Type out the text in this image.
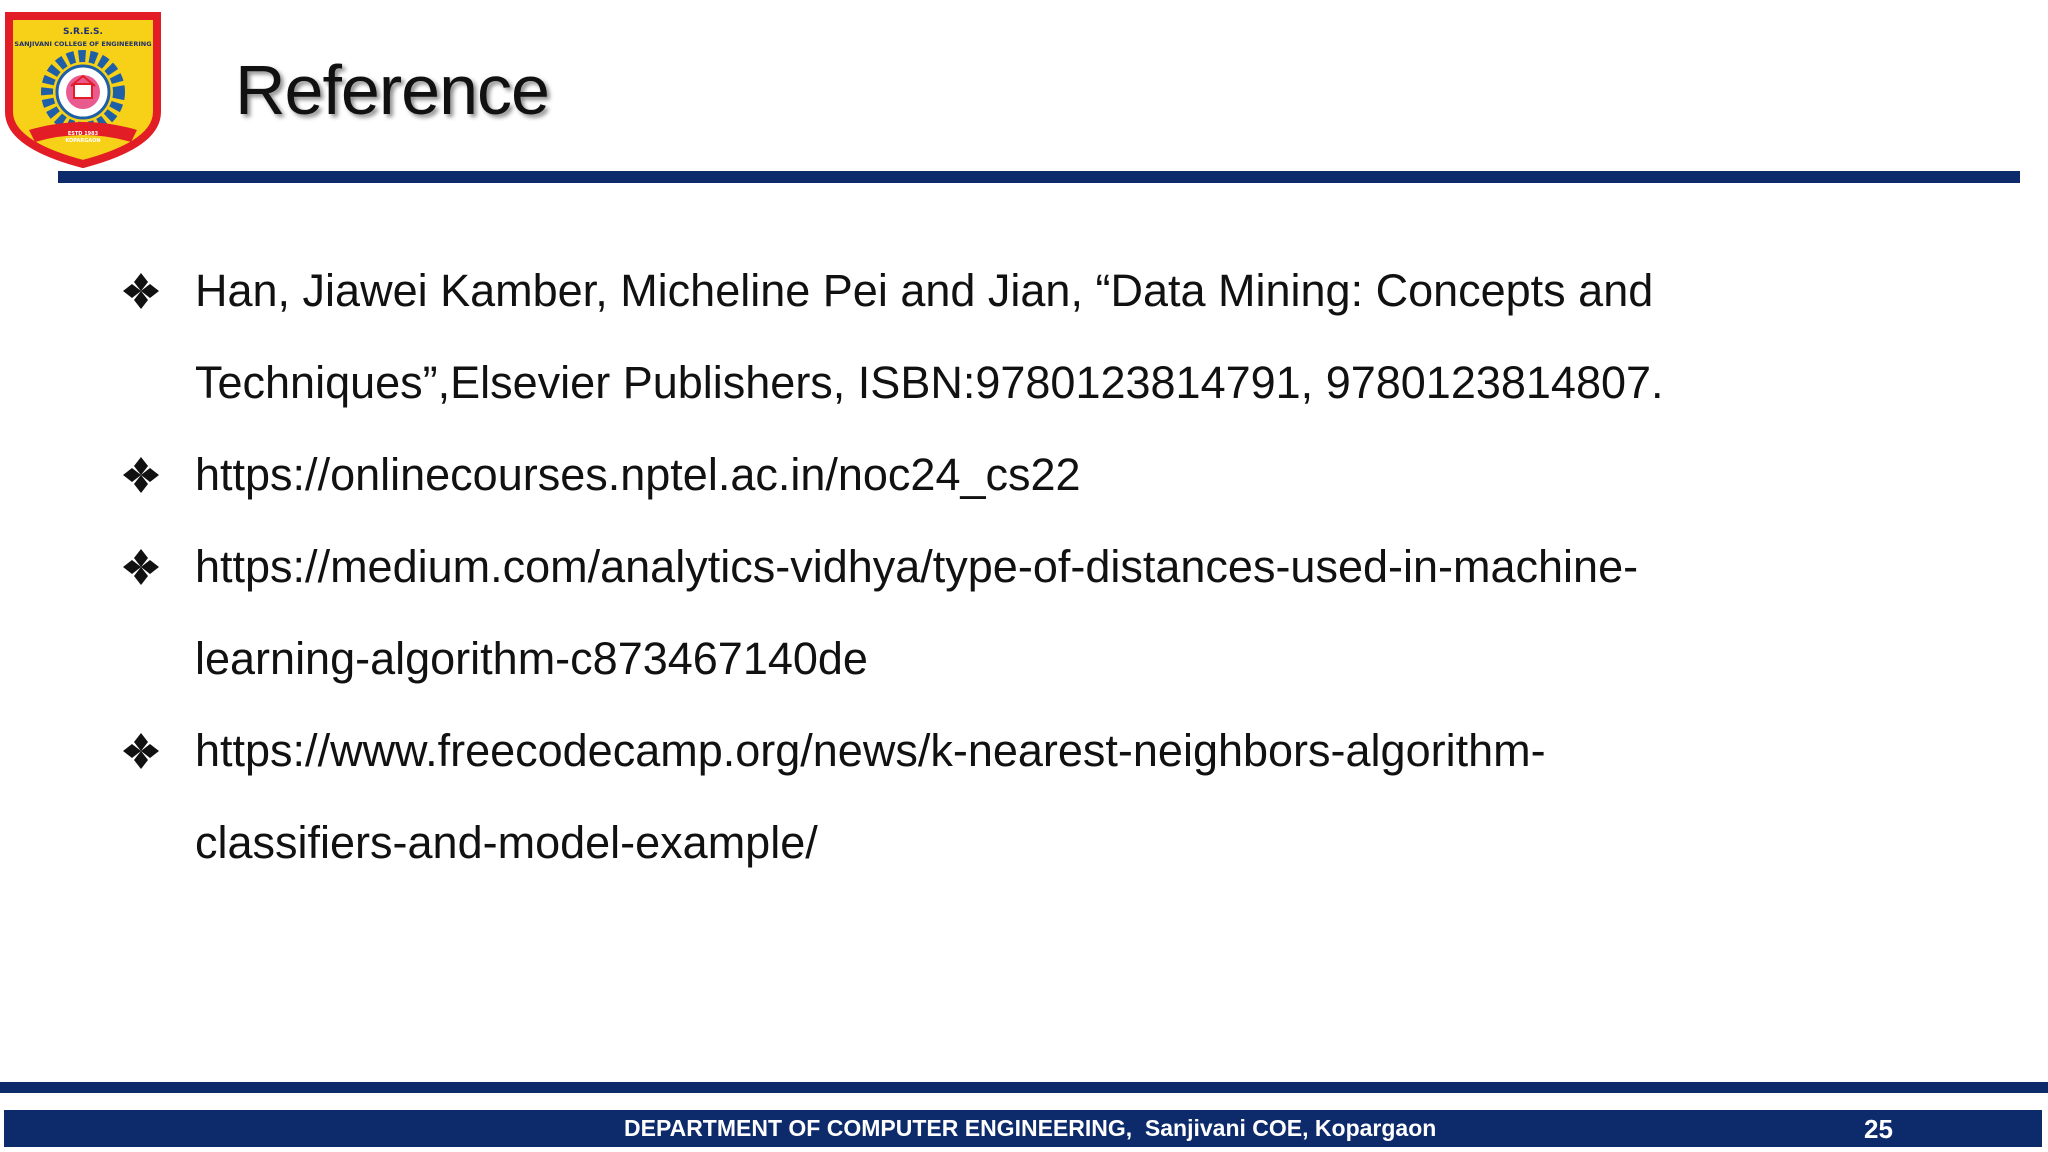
S.R.E.S.
SANJIVANI COLLEGE OF ENGINEERING
ESTD 1983
KOPARGAON
Reference
Han, Jiawei Kamber, Micheline Pei and Jian, “Data Mining: Concepts and
Techniques”,Elsevier Publishers, ISBN:9780123814791, 9780123814807.
https://onlinecourses.nptel.ac.in/noc24_cs22
https://medium.com/analytics-vidhya/type-of-distances-used-in-machine-
learning-algorithm-c873467140de
https://www.freecodecamp.org/news/k-nearest-neighbors-algorithm-
classifiers-and-model-example/
DEPARTMENT OF COMPUTER ENGINEERING,  Sanjivani COE, Kopargaon	25
